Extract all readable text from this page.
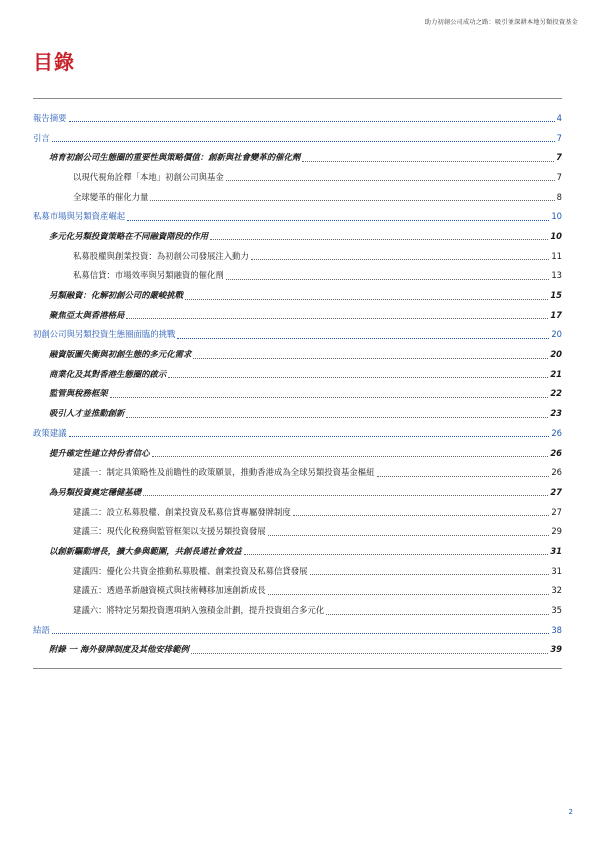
助力初創公司成功之路：吸引並深耕本地另類投資基金
目錄
報告摘要	4
引言	7
培育初創公司生態圈的重要性與策略價值：創新與社會變革的催化劑	7
以現代視角詮釋「本地」初創公司與基金	7
全球變革的催化力量	8
私募市場與另類資產崛起	10
多元化另類投資策略在不同融資階段的作用	10
私募股權與創業投資：為初創公司發展注入動力	11
私募信貸：市場效率與另類融資的催化劑	13
另類融資：化解初創公司的嚴峻挑戰	15
聚焦亞太與香港格局	17
初創公司與另類投資生態圈面臨的挑戰	20
融資版圖失衡與初創生態的多元化需求	20
商業化及其對香港生態圈的啟示	21
監管與稅務框架	22
吸引人才並推動創新	23
政策建議	26
提升確定性建立持份者信心	26
建議一：制定具策略性及前瞻性的政策願景，推動香港成為全球另類投資基金樞紐	26
為另類投資奠定穩健基礎	27
建議二：設立私募股權、創業投資及私募信貸專屬發牌制度	27
建議三：現代化稅務與監管框架以支援另類投資發展	29
以創新驅動增長，擴大參與範圍，共創長遠社會效益	31
建議四：優化公共資金推動私募股權、創業投資及私募信貸發展	31
建議五：透過革新融資模式與技術轉移加速創新成長	32
建議六：將特定另類投資選項納入強積金計劃，提升投資組合多元化	35
結語	38
附錄 一 海外發牌制度及其他安排範例	39
2
